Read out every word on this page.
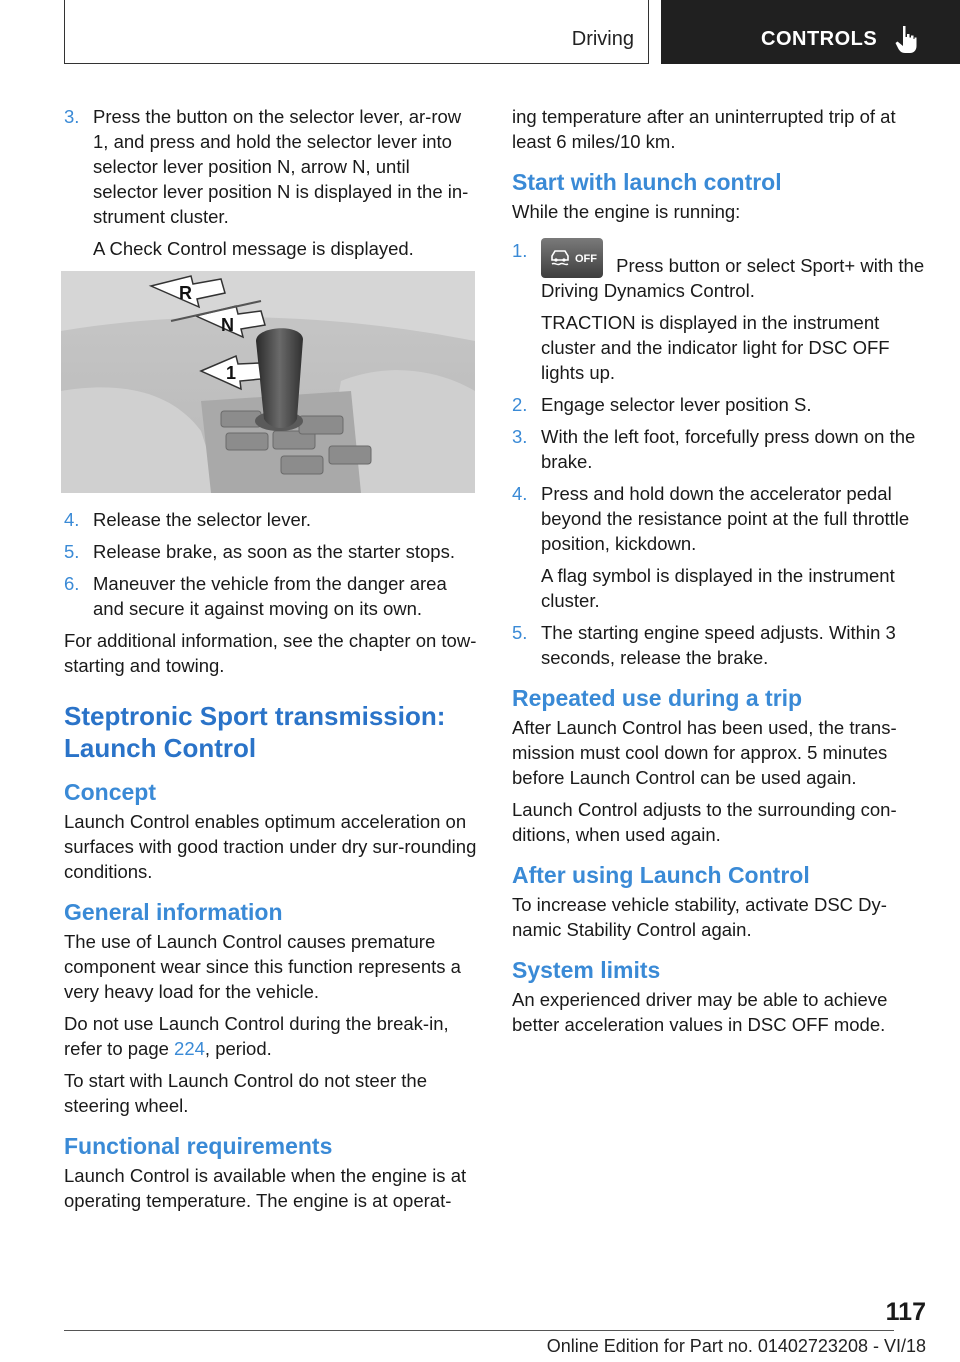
Driving	CONTROLS
3. Press the button on the selector lever, ar-row 1, and press and hold the selector lever into selector lever position N, arrow N, until selector lever position N is displayed in the in-strument cluster.

A Check Control message is displayed.

R
N
1
4. Release the selector lever.
5. Release brake, as soon as the starter stops.
6. Maneuver the vehicle from the danger area and secure it against moving on its own.

For additional information, see the chapter on tow-starting and towing.

Steptronic Sport transmission: Launch Control
Concept

Launch Control enables optimum acceleration on surfaces with good traction under dry sur-rounding conditions.

General information

The use of Launch Control causes premature component wear since this function represents a very heavy load for the vehicle.

Do not use Launch Control during the break-in, refer to page 224, period.

To start with Launch Control do not steer the steering wheel.

Functional requirements

Launch Control is available when the engine is at operating temperature. The engine is at operat-

ing temperature after an uninterrupted trip of at least 6 miles/10 km.

Start with launch control

While the engine is running:

1.	OFF Press button or select Sport+ with the Driving Dynamics Control.

TRACTION is displayed in the instrument cluster and the indicator light for DSC OFF lights up.

2. Engage selector lever position S.
3. With the left foot, forcefully press down on the brake.
4. Press and hold down the accelerator pedal beyond the resistance point at the full throttle position, kickdown.

A flag symbol is displayed in the instrument cluster.

5. The starting engine speed adjusts. Within 3 seconds, release the brake.
Repeated use during a trip

After Launch Control has been used, the trans-mission must cool down for approx. 5 minutes before Launch Control can be used again.

Launch Control adjusts to the surrounding con-ditions, when used again.

After using Launch Control

To increase vehicle stability, activate DSC Dy-namic Stability Control again.

System limits

An experienced driver may be able to achieve better acceleration values in DSC OFF mode.

117
Online Edition for Part no. 01402723208 - VI/18
